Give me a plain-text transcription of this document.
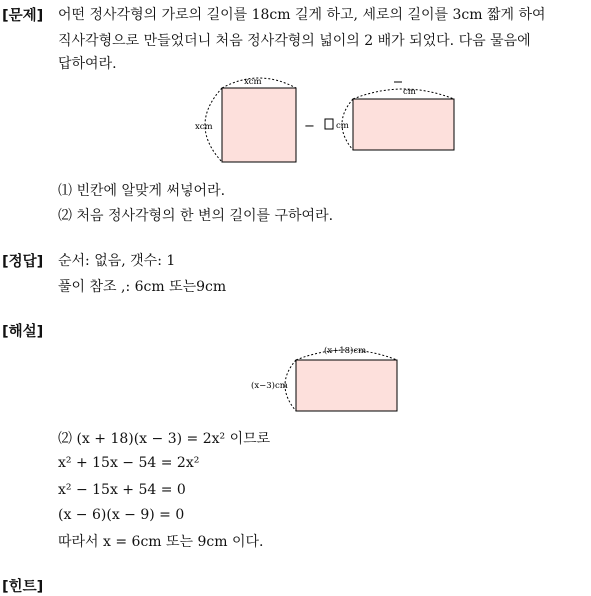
[문제] 어떤 정사각형의 가로의 길이를 18cm 길게 하고, 세로의 길이를 3cm 짧게 하여
직사각형으로 만들었더니 처음 정사각형의 넓이의 2 배가 되었다. 다음 물음에
답하여라.
xcm
xcm	−
cm
cm
⑴ 빈칸에 알맞게 써넣어라.
⑵ 처음 정사각형의 한 변의 길이를 구하여라.
[정답] 순서: 없음, 갯수: 1
풀이 참조 ,: 6cm 또는9cm
[해설]
(x+18)cm
(x−3)cm
⑵ (x + 18)(x − 3) = 2x² 이므로
x² + 15x − 54 = 2x²
x² − 15x + 54 = 0
(x − 6)(x − 9) = 0
따라서 x = 6cm 또는 9cm 이다.
[힌트]
